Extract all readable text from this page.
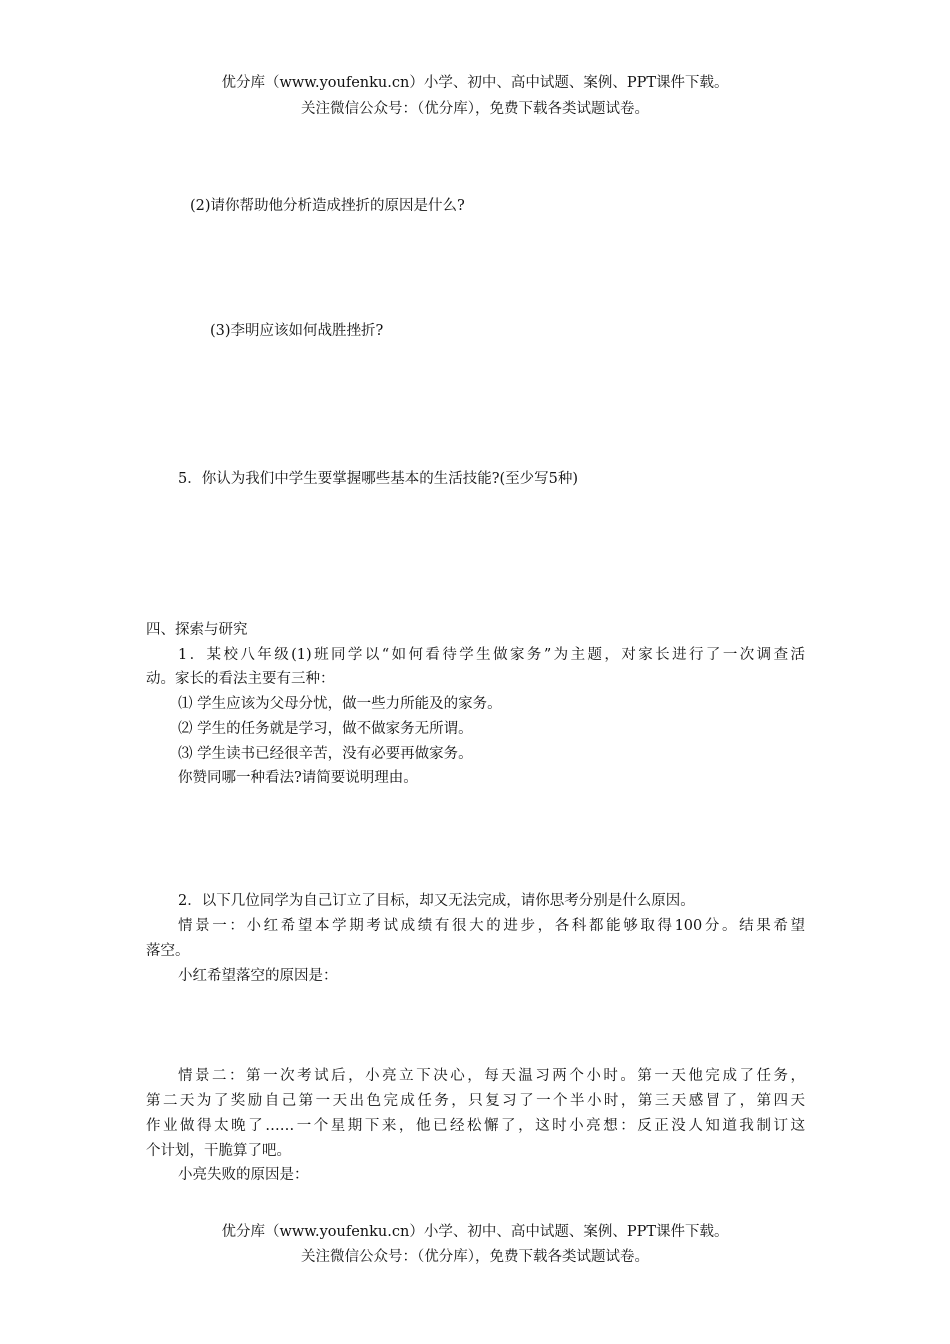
优分库（www.youfenku.cn）小学、初中、高中试题、案例、PPT课件下载。
关注微信公众号：（优分库），免费下载各类试题试卷。
(2)请你帮助他分析造成挫折的原因是什么?
(3)李明应该如何战胜挫折?
5．你认为我们中学生要掌握哪些基本的生活技能?(至少写5种)
四、探索与研究
1．某校八年级(1)班同学以“如何看待学生做家务”为主题，对家长进行了一次调查活
动。家长的看法主要有三种：
⑴ 学生应该为父母分忧，做一些力所能及的家务。
⑵ 学生的任务就是学习，做不做家务无所谓。
⑶ 学生读书已经很辛苦，没有必要再做家务。
你赞同哪一种看法?请简要说明理由。
2．以下几位同学为自己订立了目标，却又无法完成，请你思考分别是什么原因。
情景一：小红希望本学期考试成绩有很大的进步，各科都能够取得100分。结果希望
落空。
小红希望落空的原因是：
情景二：第一次考试后，小亮立下决心，每天温习两个小时。第一天他完成了任务，
第二天为了奖励自己第一天出色完成任务，只复习了一个半小时，第三天感冒了，第四天
作业做得太晚了……一个星期下来，他已经松懈了，这时小亮想：反正没人知道我制订这
个计划，干脆算了吧。
小亮失败的原因是：
优分库（www.youfenku.cn）小学、初中、高中试题、案例、PPT课件下载。
关注微信公众号：（优分库），免费下载各类试题试卷。
